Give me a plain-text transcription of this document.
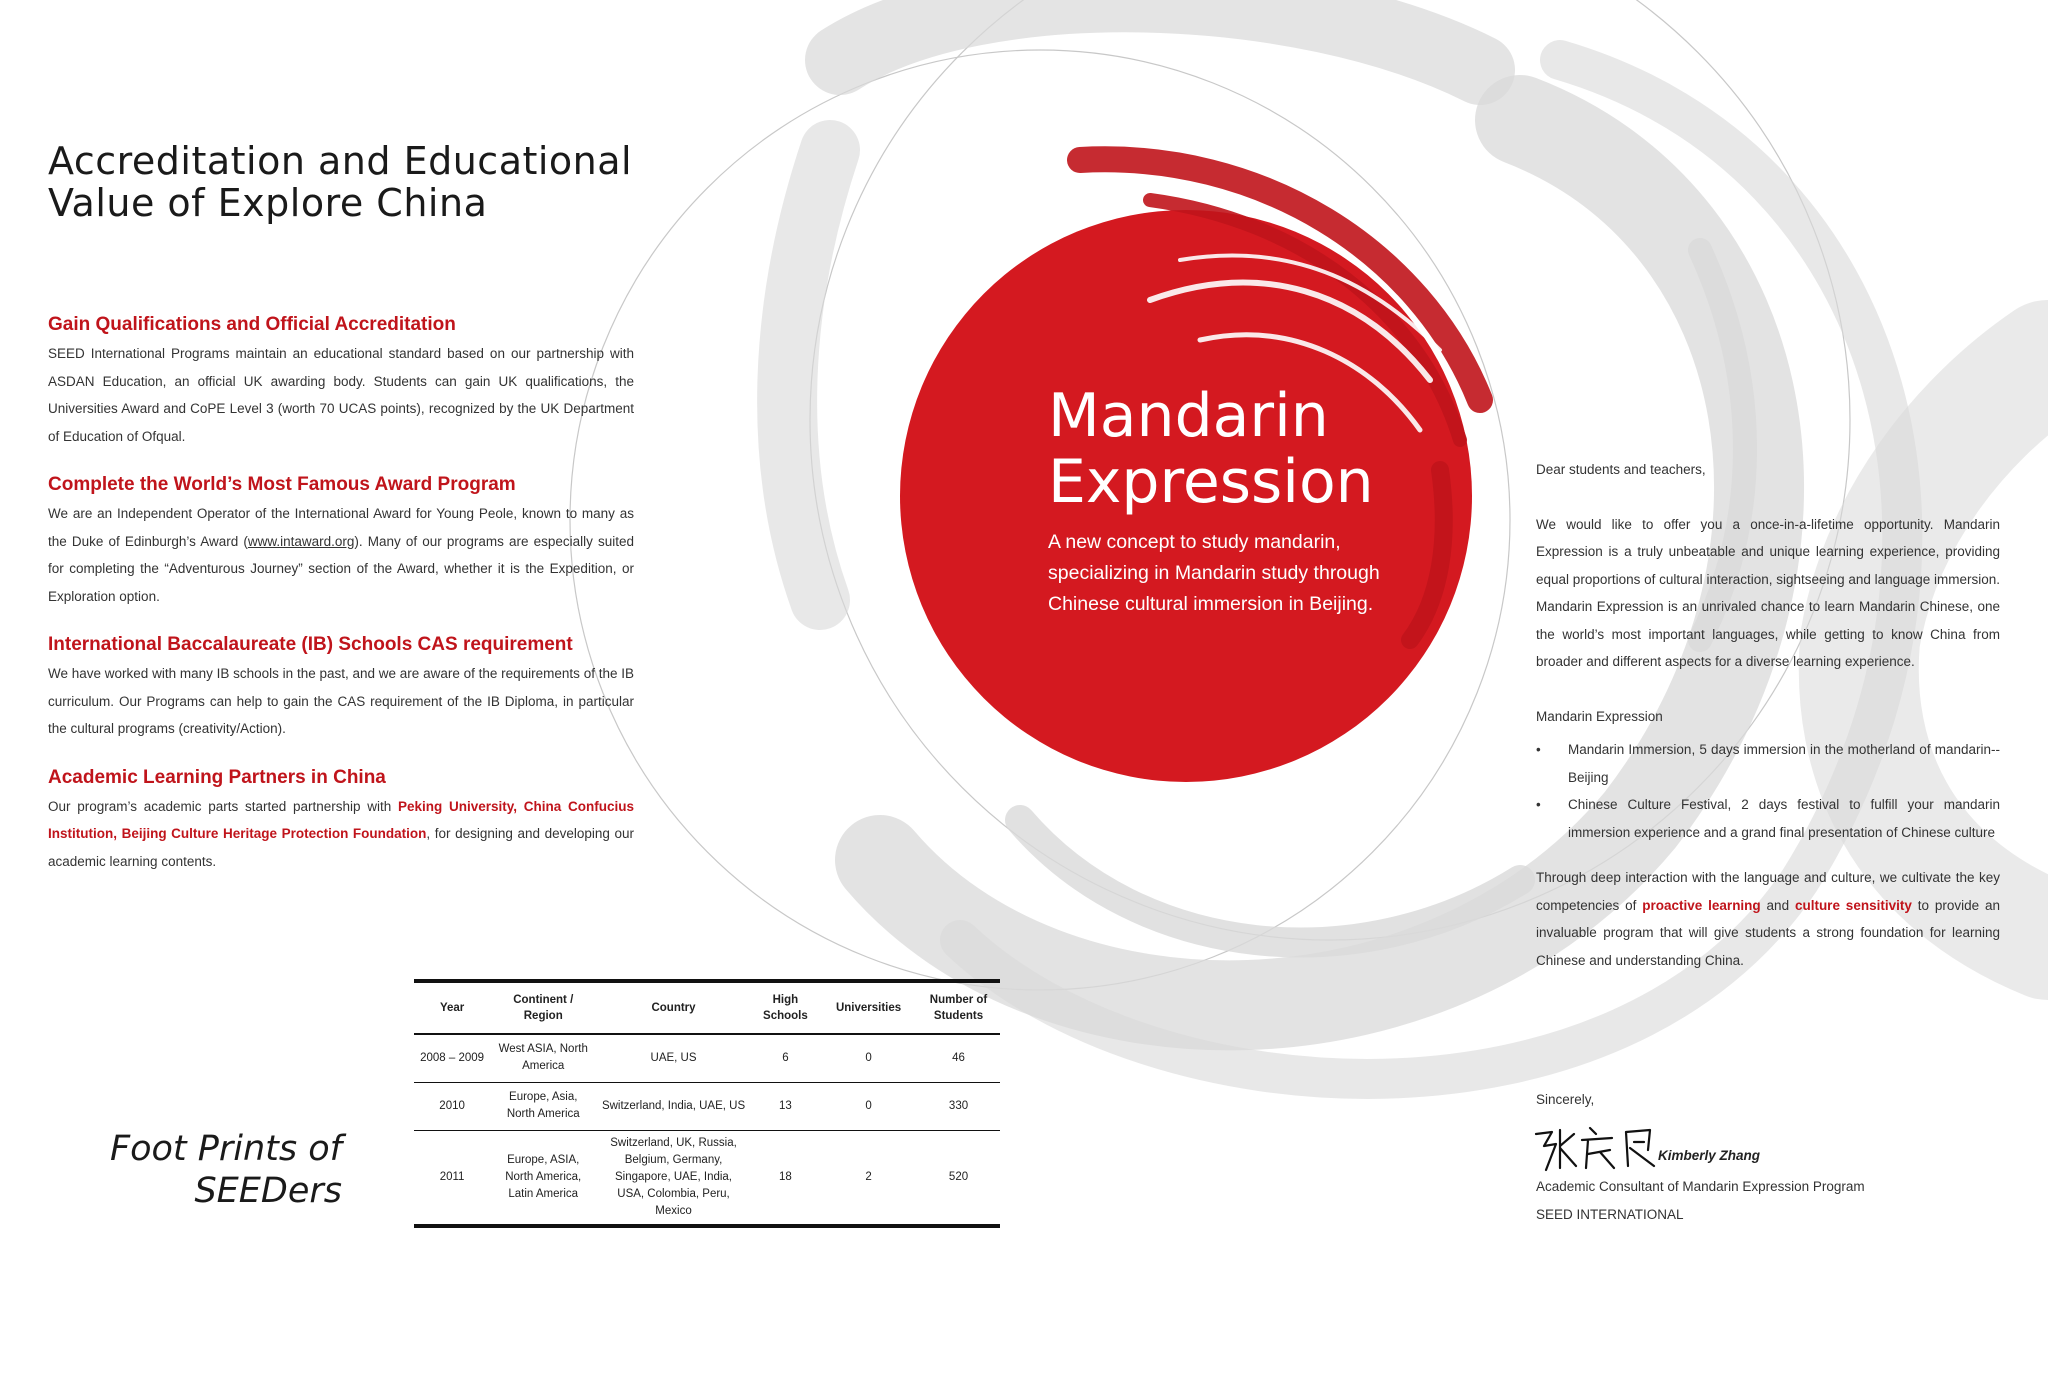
Accreditation and Educational
Value of Explore China
Gain Qualifications and Official Accreditation
SEED International Programs maintain an educational standard based on our partnership with ASDAN Education, an official UK awarding body. Students can gain UK qualifications, the Universities Award and CoPE Level 3 (worth 70 UCAS points), recognized by the UK Department of Education of Ofqual.
Complete the World’s Most Famous Award Program
We are an Independent Operator of the International Award for Young Peole, known to many as the Duke of Edinburgh’s Award (www.intaward.org). Many of our programs are especially suited for completing the “Adventurous Journey” section of the Award, whether it is the Expedition, or Exploration option.
International Baccalaureate (IB) Schools CAS requirement
We have worked with many IB schools in the past, and we are aware of the requirements of the IB curriculum. Our Programs can help to gain the CAS requirement of the IB Diploma, in particular the cultural programs (creativity/Action).
Academic Learning Partners in China
Our program’s academic parts started partnership with Peking University, China Confucius Institution, Beijing Culture Heritage Protection Foundation, for designing and developing our academic learning contents.
Foot Prints of
SEEDers
Year	Continent / Region	Country	High Schools	Universities	Number of Students
2008 – 2009	West ASIA, North America	UAE, US	6	0	46
2010	Europe, Asia, North America	Switzerland, India, UAE, US	13	0	330
2011	Europe, ASIA, North America, Latin America	Switzerland, UK, Russia, Belgium, Germany, Singapore, UAE, India, USA, Colombia, Peru, Mexico	18	2	520
Mandarin
Expression
A new concept to study mandarin, specializing in Mandarin study through Chinese cultural immersion in Beijing.

Dear students and teachers,

We would like to offer you a once-in-a-lifetime opportunity. Mandarin Expression is a truly unbeatable and unique learning experience, providing equal proportions of cultural interaction, sightseeing and language immersion. Mandarin Expression is an unrivaled chance to learn Mandarin Chinese, one the world’s most important languages, while getting to know China from broader and different aspects for a diverse learning experience.

Mandarin Expression

• Mandarin Immersion, 5 days immersion in the motherland of mandarin--Beijing
• Chinese Culture Festival, 2 days festival to fulfill your mandarin immersion experience and a grand final presentation of Chinese culture

Through deep interaction with the language and culture, we cultivate the key competencies of proactive learning and culture sensitivity to provide an invaluable program that will give students a strong foundation for learning Chinese and understanding China.

Sincerely,
Kimberly Zhang
Academic Consultant of Mandarin Expression Program
SEED INTERNATIONAL
